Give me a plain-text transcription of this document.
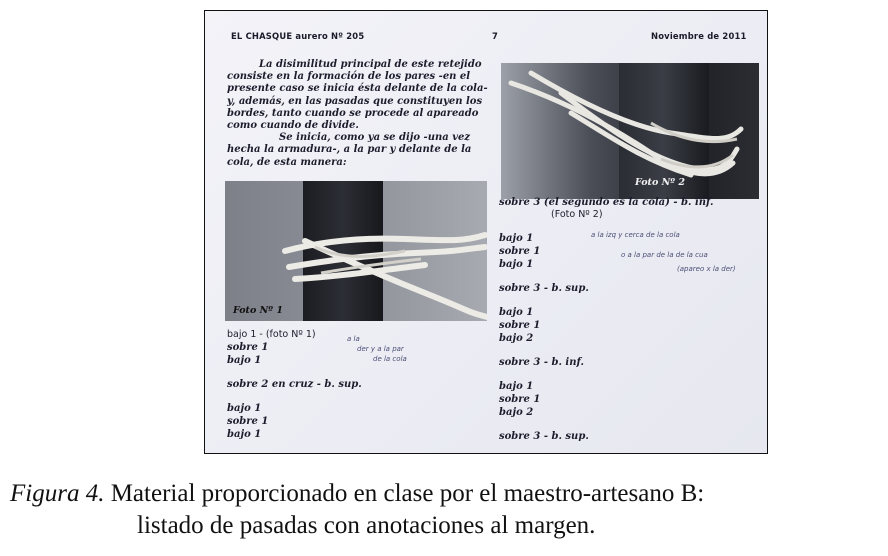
EL CHASQUE aurero Nº 205	7	Noviembre de 2011
La disimilitud principal de este retejido
consiste en la formación de los pares -en el
presente caso se inicia ésta delante de la cola-
y, además, en las pasadas que constituyen los
bordes, tanto cuando se procede al apareado
como cuando de divide.
Se inicia, como ya se dijo -una vez
hecha la armadura-, a la par y delante de la
cola, de esta manera:
Foto Nº 2
Foto Nº 1
bajo 1 - (foto Nº 1)
sobre 1
bajo 1
sobre 2 en cruz - b. sup.
bajo 1
sobre 1
bajo 1
a la
der y a la par
de la cola
sobre 3 (el segundo es la cola) - b. inf.
(Foto Nº 2)
bajo 1
sobre 1
bajo 1
sobre 3 - b. sup.
bajo 1
sobre 1
bajo 2
sobre 3 - b. inf.
bajo 1
sobre 1
bajo 2
sobre 3 - b. sup.
a la izq y cerca de la cola
o a la par de la de la cua
(apareo x la der)
Figura 4. Material proporcionado en clase por el maestro-artesano B:
listado de pasadas con anotaciones al margen.
